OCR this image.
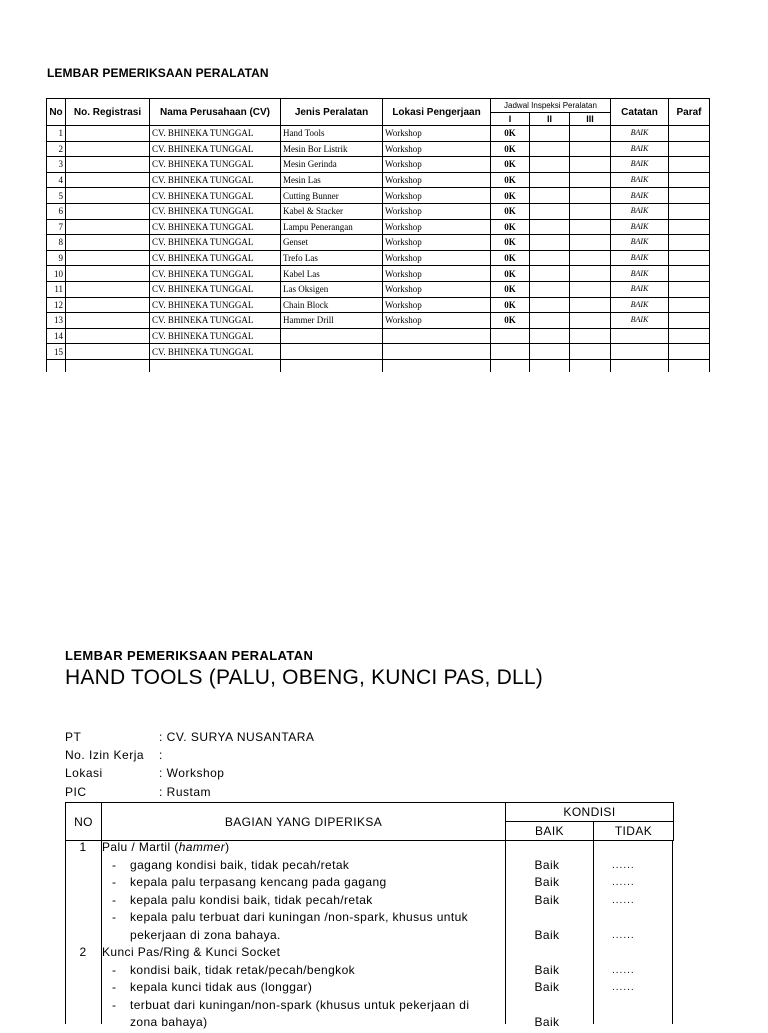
LEMBAR PEMERIKSAAN PERALATAN
No	No. Registrasi	Nama Perusahaan (CV)	Jenis Peralatan	Lokasi Pengerjaan	Jadwal Inspeksi Peralatan			Catatan	Paraf
					I	II	III		
1		CV. BHINEKA TUNGGAL	Hand Tools	Workshop	0K			BAIK	
2		CV. BHINEKA TUNGGAL	Mesin Bor Listrik	Workshop	0K			BAIK	
3		CV. BHINEKA TUNGGAL	Mesin Gerinda	Workshop	0K			BAIK	
4		CV. BHINEKA TUNGGAL	Mesin Las	Workshop	0K			BAIK	
5		CV. BHINEKA TUNGGAL	Cutting Bunner	Workshop	0K			BAIK	
6		CV. BHINEKA TUNGGAL	Kabel & Stacker	Workshop	0K			BAIK	
7		CV. BHINEKA TUNGGAL	Lampu Penerangan	Workshop	0K			BAIK	
8		CV. BHINEKA TUNGGAL	Genset	Workshop	0K			BAIK	
9		CV. BHINEKA TUNGGAL	Trefo Las	Workshop	0K			BAIK	
10		CV. BHINEKA TUNGGAL	Kabel Las	Workshop	0K			BAIK	
11		CV. BHINEKA TUNGGAL	Las Oksigen	Workshop	0K			BAIK	
12		CV. BHINEKA TUNGGAL	Chain Block	Workshop	0K			BAIK	
13		CV. BHINEKA TUNGGAL	Hammer Drill	Workshop	0K			BAIK	
14		CV. BHINEKA TUNGGAL							
15		CV. BHINEKA TUNGGAL							

LEMBAR PEMERIKSAAN PERALATAN
HAND TOOLS (PALU, OBENG, KUNCI PAS, DLL)
PT	: CV. SURYA NUSANTARA
No. Izin Kerja :
Lokasi	: Workshop
PIC	: Rustam
NO	BAGIAN YANG DIPERIKSA	KONDISI	
		BAIK	TIDAK
1	Palu / Martil (hammer)
- gagang kondisi baik, tidak pecah/retak	Baik	......
- kepala palu terpasang kencang pada gagang	Baik	......
- kepala palu kondisi baik, tidak pecah/retak	Baik	......
- kepala palu terbuat dari kuningan /non-spark, khusus untuk
pekerjaan di zona bahaya.	Baik	......
2	Kunci Pas/Ring & Kunci Socket
- kondisi baik, tidak retak/pecah/bengkok	Baik	......
- kepala kunci tidak aus (longgar)	Baik	......
- terbuat dari kuningan/non-spark (khusus untuk pekerjaan di
zona bahaya)	Baik
